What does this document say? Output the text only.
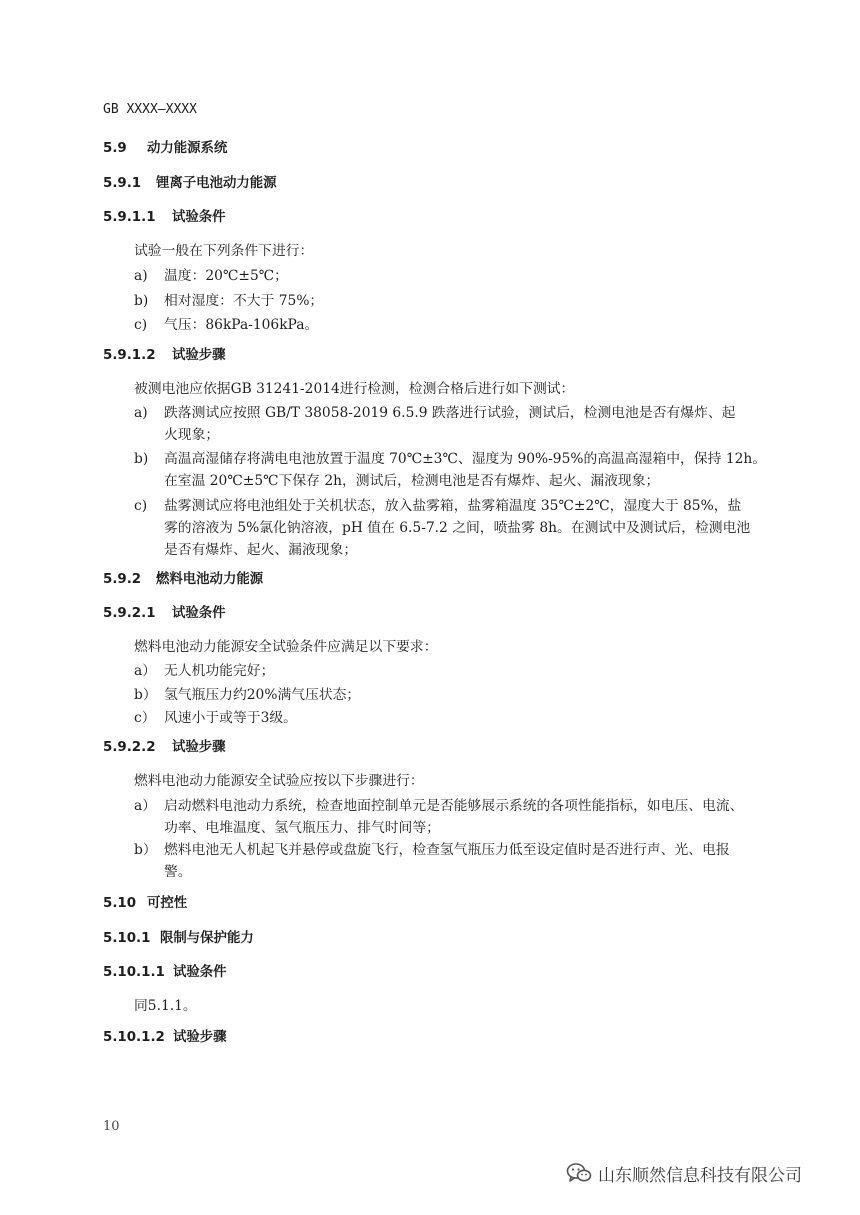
GB XXXX—XXXX
5.9 动力能源系统
5.9.1 锂离子电池动力能源
5.9.1.1 试验条件
试验一般在下列条件下进行：
a)	温度：20℃±5℃；
b)	相对湿度：不大于 75%；
c)	气压：86kPa-106kPa。
5.9.1.2 试验步骤
被测电池应依据GB 31241-2014进行检测，检测合格后进行如下测试：
a)	跌落测试应按照 GB/T 38058-2019 6.5.9 跌落进行试验，测试后，检测电池是否有爆炸、起
火现象；
b)	高温高湿储存将满电电池放置于温度 70℃±3℃、湿度为 90%-95%的高温高湿箱中，保持 12h。
在室温 20℃±5℃下保存 2h，测试后，检测电池是否有爆炸、起火、漏液现象；
c)	盐雾测试应将电池组处于关机状态，放入盐雾箱，盐雾箱温度 35℃±2℃，湿度大于 85%，盐
雾的溶液为 5%氯化钠溶液，pH 值在 6.5-7.2 之间，喷盐雾 8h。在测试中及测试后，检测电池
是否有爆炸、起火、漏液现象；
5.9.2 燃料电池动力能源
5.9.2.1 试验条件
燃料电池动力能源安全试验条件应满足以下要求：
a） 无人机功能完好；
b） 氢气瓶压力约20%满气压状态；
c） 风速小于或等于3级。
5.9.2.2 试验步骤
燃料电池动力能源安全试验应按以下步骤进行：
a） 启动燃料电池动力系统，检查地面控制单元是否能够展示系统的各项性能指标，如电压、电流、
功率、电堆温度、氢气瓶压力、排气时间等；
b） 燃料电池无人机起飞并悬停或盘旋飞行，检查氢气瓶压力低至设定值时是否进行声、光、电报
警。
5.10 可控性
5.10.1 限制与保护能力
5.10.1.1 试验条件
同5.1.1。
5.10.1.2 试验步骤
10
山东顺然信息科技有限公司
